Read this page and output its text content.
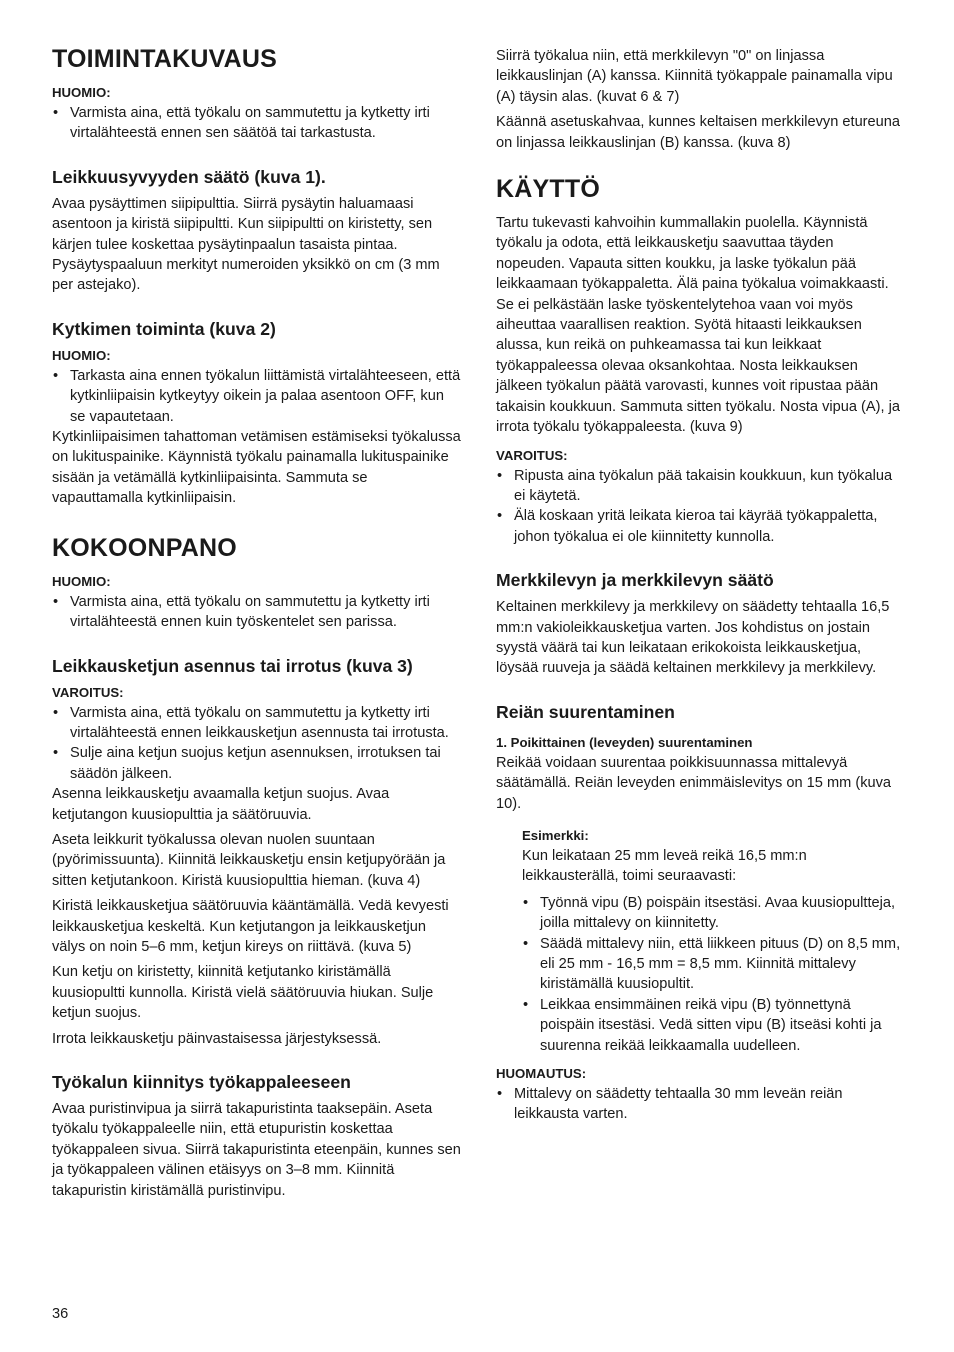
TOIMINTAKUVAUS
HUOMIO:
• Varmista aina, että työkalu on sammutettu ja kytketty irti virtalähteestä ennen sen säätöä tai tarkastusta.
Leikkuusyvyyden säätö (kuva 1).

Avaa pysäyttimen siipipulttia. Siirrä pysäytin haluamaasi asentoon ja kiristä siipipultti. Kun siipipultti on kiristetty, sen kärjen tulee koskettaa pysäytinpaalun tasaista pintaa. Pysäytyspaaluun merkityt numeroiden yksikkö on cm (3 mm per astejako).

Kytkimen toiminta (kuva 2)
HUOMIO:
• Tarkasta aina ennen työkalun liittämistä virtalähteeseen, että kytkinliipaisin kytkeytyy oikein ja palaa asentoon OFF, kun se vapautetaan.

Kytkinliipaisimen tahattoman vetämisen estämiseksi työkalussa on lukituspainike. Käynnistä työkalu painamalla lukituspainike sisään ja vetämällä kytkinliipaisinta. Sammuta se vapauttamalla kytkinliipaisin.

KOKOONPANO
HUOMIO:
• Varmista aina, että työkalu on sammutettu ja kytketty irti virtalähteestä ennen kuin työskentelet sen parissa.
Leikkausketjun asennus tai irrotus (kuva 3)
VAROITUS:
• Varmista aina, että työkalu on sammutettu ja kytketty irti virtalähteestä ennen leikkausketjun asennusta tai irrotusta.
• Sulje aina ketjun suojus ketjun asennuksen, irrotuksen tai säädön jälkeen.

Asenna leikkausketju avaamalla ketjun suojus. Avaa ketjutangon kuusiopulttia ja säätöruuvia.

Aseta leikkurit työkalussa olevan nuolen suuntaan (pyörimissuunta). Kiinnitä leikkausketju ensin ketjupyörään ja sitten ketjutankoon. Kiristä kuusiopulttia hieman. (kuva 4)

Kiristä leikkausketjua säätöruuvia kääntämällä. Vedä kevyesti leikkausketjua keskeltä. Kun ketjutangon ja leikkausketjun välys on noin 5–6 mm, ketjun kireys on riittävä. (kuva 5)

Kun ketju on kiristetty, kiinnitä ketjutanko kiristämällä kuusiopultti kunnolla. Kiristä vielä säätöruuvia hiukan. Sulje ketjun suojus.

Irrota leikkausketju päinvastaisessa järjestyksessä.

Työkalun kiinnitys työkappaleeseen

Avaa puristinvipua ja siirrä takapuristinta taaksepäin. Aseta työkalu työkappaleelle niin, että etupuristin koskettaa työkappaleen sivua. Siirrä takapuristinta eteenpäin, kunnes sen ja työkappaleen välinen etäisyys on 3–8 mm. Kiinnitä takapuristin kiristämällä puristinvipu.

Siirrä työkalua niin, että merkkilevyn "0" on linjassa leikkauslinjan (A) kanssa. Kiinnitä työkappale painamalla vipu (A) täysin alas. (kuvat 6 & 7)

Käännä asetuskahvaa, kunnes keltaisen merkkilevyn etureuna on linjassa leikkauslinjan (B) kanssa. (kuva 8)

KÄYTTÖ

Tartu tukevasti kahvoihin kummallakin puolella. Käynnistä työkalu ja odota, että leikkausketju saavuttaa täyden nopeuden. Vapauta sitten koukku, ja laske työkalun pää leikkaamaan työkappaletta. Älä paina työkalua voimakkaasti. Se ei pelkästään laske työskentelytehoa vaan voi myös aiheuttaa vaarallisen reaktion. Syötä hitaasti leikkauksen alussa, kun reikä on puhkeamassa tai kun leikkaat työkappaleessa olevaa oksankohtaa. Nosta leikkauksen jälkeen työkalun päätä varovasti, kunnes voit ripustaa pään takaisin koukkuun. Sammuta sitten työkalu. Nosta vipua (A), ja irrota työkalu työkappaleesta. (kuva 9)

VAROITUS:
• Ripusta aina työkalun pää takaisin koukkuun, kun työkalua ei käytetä.
• Älä koskaan yritä leikata kieroa tai käyrää työkappaletta, johon työkalua ei ole kiinnitetty kunnolla.
Merkkilevyn ja merkkilevyn säätö

Keltainen merkkilevy ja merkkilevy on säädetty tehtaalla 16,5 mm:n vakioleikkausketjua varten. Jos kohdistus on jostain syystä väärä tai kun leikataan erikokoista leikkausketjua, löysää ruuveja ja säädä keltainen merkkilevy ja merkkilevy.

Reiän suurentaminen
1. Poikittainen (leveyden) suurentaminen

Reikää voidaan suurentaa poikkisuunnassa mittalevyä säätämällä. Reiän leveyden enimmäislevitys on 15 mm (kuva 10).

Esimerkki:

Kun leikataan 25 mm leveä reikä 16,5 mm:n leikkausterällä, toimi seuraavasti:

• Työnnä vipu (B) poispäin itsestäsi. Avaa kuusiopultteja, joilla mittalevy on kiinnitetty.
• Säädä mittalevy niin, että liikkeen pituus (D) on 8,5 mm, eli 25 mm - 16,5 mm = 8,5 mm. Kiinnitä mittalevy kiristämällä kuusiopultit.
• Leikkaa ensimmäinen reikä vipu (B) työnnettynä poispäin itsestäsi. Vedä sitten vipu (B) itseäsi kohti ja suurenna reikää leikkaamalla uudelleen.
HUOMAUTUS:
• Mittalevy on säädetty tehtaalla 30 mm leveän reiän leikkausta varten.
36
